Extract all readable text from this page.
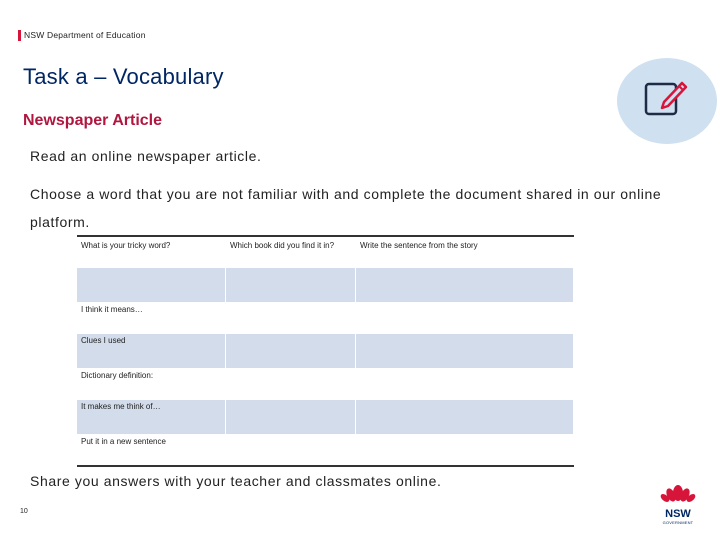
NSW Department of Education
Task a – Vocabulary
Newspaper Article
Read an online newspaper article.
Choose a word that you are not familiar with and complete the document shared in our online platform.
What is your tricky word?	Which book did you find it in?	Write the sentence from the story

I think it means…		
Clues I used		
Dictionary definition:		
It makes me think of…		
Put it in a new sentence		
Share you answers with your teacher and classmates online.
10	NSW
GOVERNMENT
